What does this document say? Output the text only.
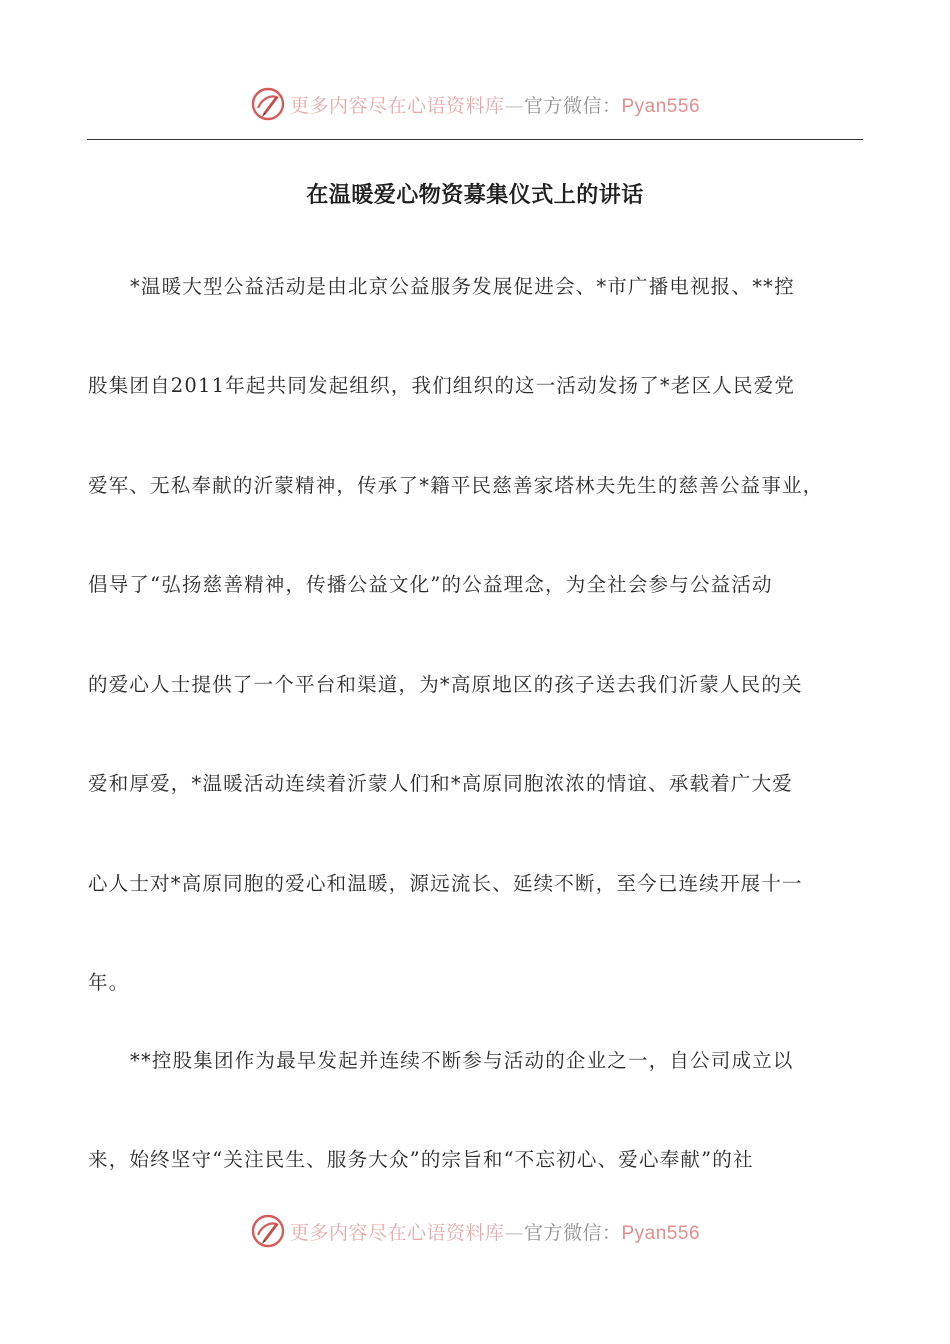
更多内容尽在心语资料库—官方微信：Pyan556
在温暖爱心物资募集仪式上的讲话
*温暖大型公益活动是由北京公益服务发展促进会、*市广播电视报、**控
股集团自2011年起共同发起组织，我们组织的这一活动发扬了*老区人民爱党
爱军、无私奉献的沂蒙精神，传承了*籍平民慈善家塔林夫先生的慈善公益事业，
倡导了“弘扬慈善精神，传播公益文化”的公益理念，为全社会参与公益活动
的爱心人士提供了一个平台和渠道，为*高原地区的孩子送去我们沂蒙人民的关
爱和厚爱，*温暖活动连续着沂蒙人们和*高原同胞浓浓的情谊、承载着广大爱
心人士对*高原同胞的爱心和温暖，源远流长、延续不断，至今已连续开展十一
年。
**控股集团作为最早发起并连续不断参与活动的企业之一，自公司成立以
来，始终坚守“关注民生、服务大众”的宗旨和“不忘初心、爱心奉献”的社
更多内容尽在心语资料库—官方微信：Pyan556
